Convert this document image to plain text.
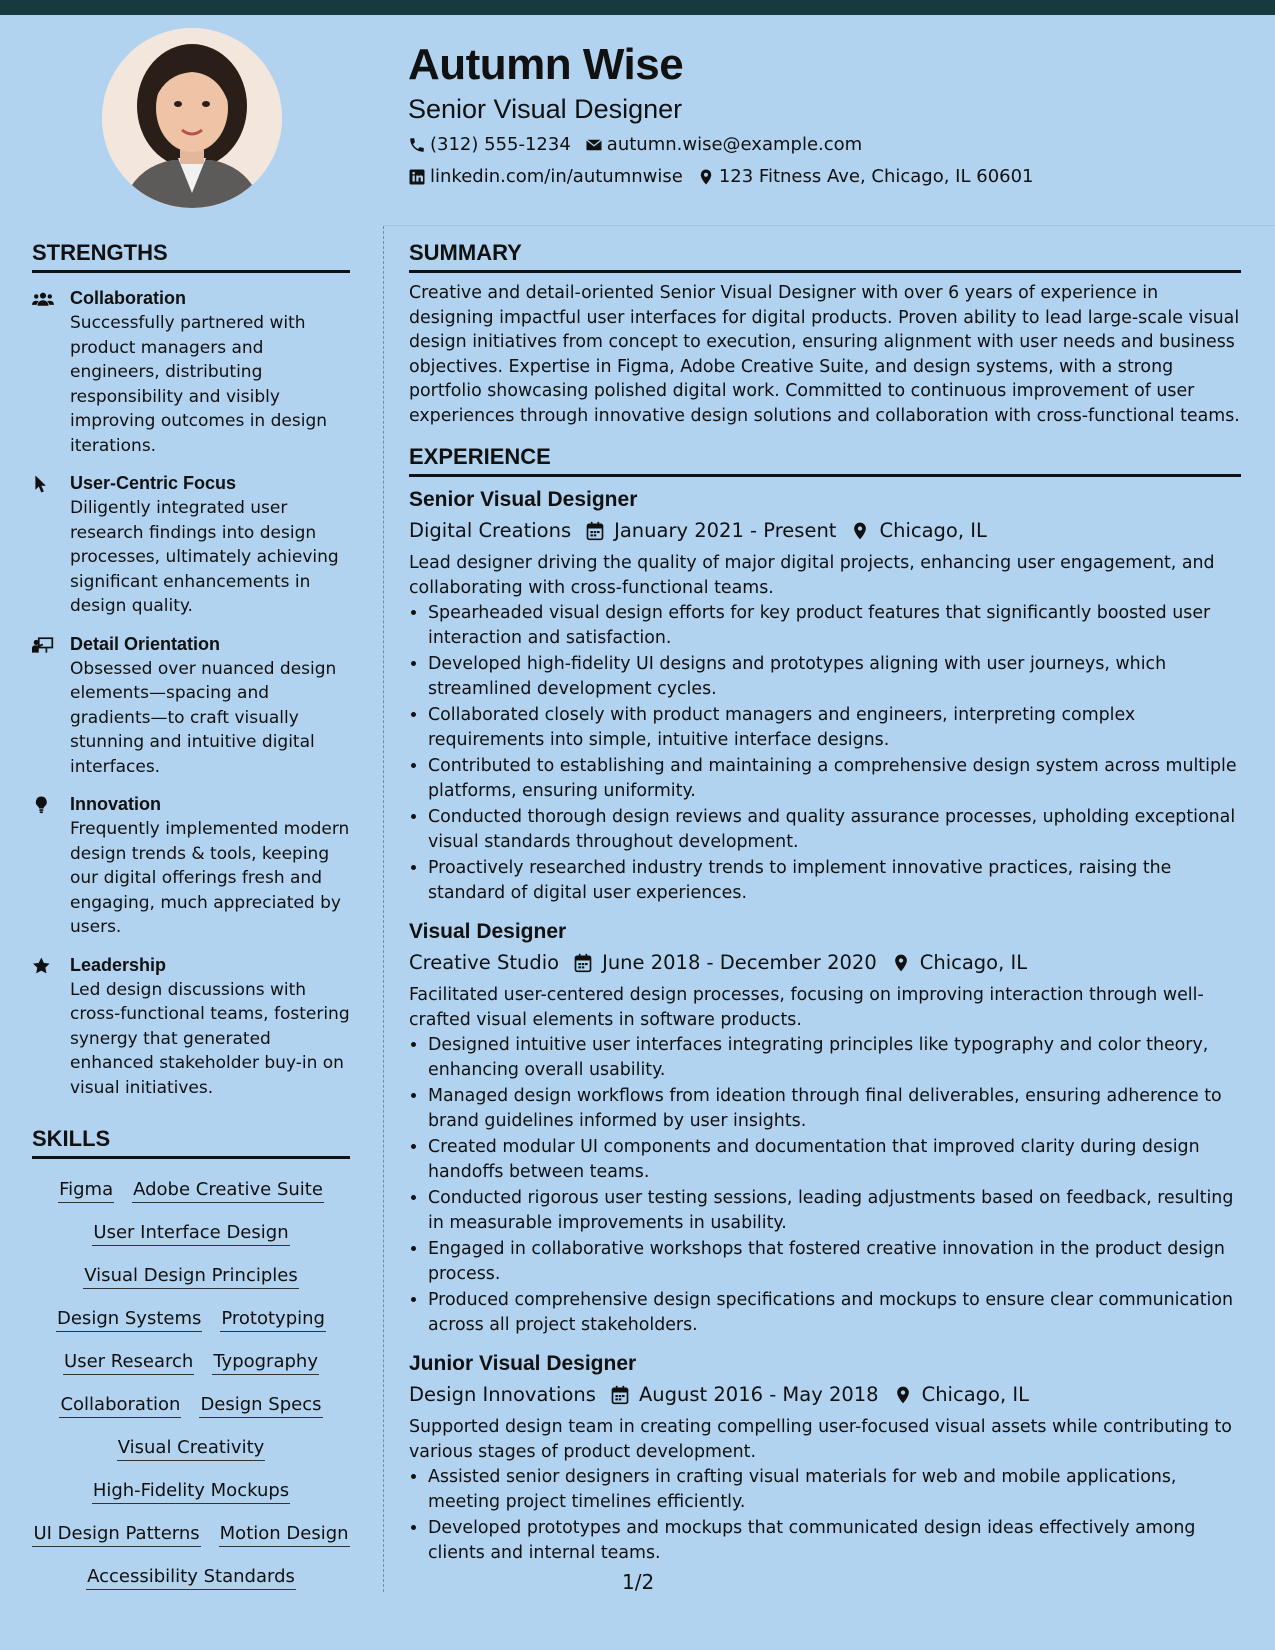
Autumn Wise
Senior Visual Designer
(312) 555-1234 autumn.wise@example.com
linkedin.com/in/autumnwise 123 Fitness Ave, Chicago, IL 60601
STRENGTHS
Collaboration
Successfully partnered with product managers and engineers, distributing responsibility and visibly improving outcomes in design iterations.
User-Centric Focus
Diligently integrated user research findings into design processes, ultimately achieving significant enhancements in design quality.
Detail Orientation
Obsessed over nuanced design elements—spacing and gradients—to craft visually stunning and intuitive digital interfaces.
Innovation
Frequently implemented modern design trends & tools, keeping our digital offerings fresh and engaging, much appreciated by users.
Leadership
Led design discussions with cross-functional teams, fostering synergy that generated enhanced stakeholder buy-in on visual initiatives.
SKILLS
Figma Adobe Creative Suite
User Interface Design
Visual Design Principles
Design Systems Prototyping
User Research Typography
Collaboration Design Specs
Visual Creativity
High-Fidelity Mockups
UI Design Patterns Motion Design
Accessibility Standards
SUMMARY

Creative and detail-oriented Senior Visual Designer with over 6 years of experience in designing impactful user interfaces for digital products. Proven ability to lead large-scale visual design initiatives from concept to execution, ensuring alignment with user needs and business objectives. Expertise in Figma, Adobe Creative Suite, and design systems, with a strong portfolio showcasing polished digital work. Committed to continuous improvement of user experiences through innovative design solutions and collaboration with cross-functional teams.

EXPERIENCE
Senior Visual Designer
Digital Creations January 2021 - Present Chicago, IL
Lead designer driving the quality of major digital projects, enhancing user engagement, and collaborating with cross-functional teams.
• Spearheaded visual design efforts for key product features that significantly boosted user interaction and satisfaction.
• Developed high-fidelity UI designs and prototypes aligning with user journeys, which streamlined development cycles.
• Collaborated closely with product managers and engineers, interpreting complex requirements into simple, intuitive interface designs.
• Contributed to establishing and maintaining a comprehensive design system across multiple platforms, ensuring uniformity.
• Conducted thorough design reviews and quality assurance processes, upholding exceptional visual standards throughout development.
• Proactively researched industry trends to implement innovative practices, raising the standard of digital user experiences.
Visual Designer
Creative Studio June 2018 - December 2020 Chicago, IL
Facilitated user-centered design processes, focusing on improving interaction through well-crafted visual elements in software products.
• Designed intuitive user interfaces integrating principles like typography and color theory, enhancing overall usability.
• Managed design workflows from ideation through final deliverables, ensuring adherence to brand guidelines informed by user insights.
• Created modular UI components and documentation that improved clarity during design handoffs between teams.
• Conducted rigorous user testing sessions, leading adjustments based on feedback, resulting in measurable improvements in usability.
• Engaged in collaborative workshops that fostered creative innovation in the product design process.
• Produced comprehensive design specifications and mockups to ensure clear communication across all project stakeholders.
Junior Visual Designer
Design Innovations August 2016 - May 2018 Chicago, IL
Supported design team in creating compelling user-focused visual assets while contributing to various stages of product development.
• Assisted senior designers in crafting visual materials for web and mobile applications, meeting project timelines efficiently.
• Developed prototypes and mockups that communicated design ideas effectively among clients and internal teams.
1/2
